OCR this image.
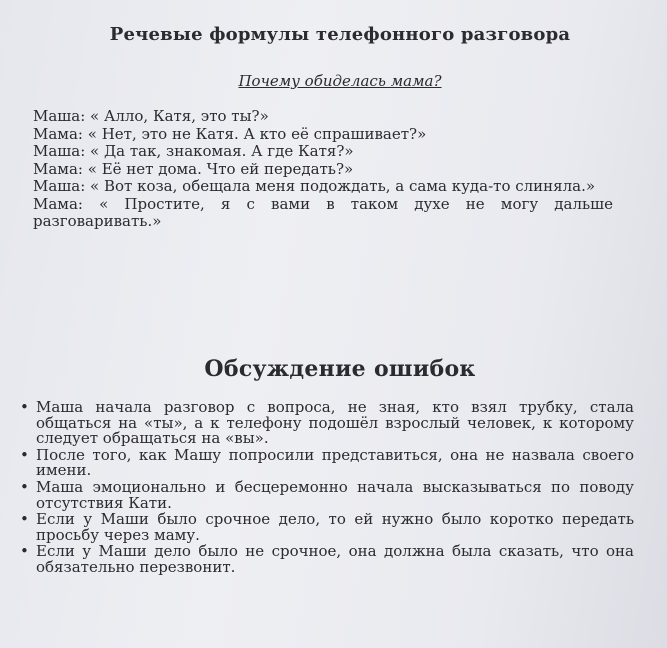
Речевые формулы телефонного разговора
Почему обиделась мама?
Маша: « Алло, Катя, это ты?»
Мама: « Нет, это не Катя. А кто её спрашивает?»
Маша: « Да так, знакомая. А где Катя?»
Мама: « Её нет дома. Что ей передать?»
Маша: « Вот коза, обещала меня подождать, а сама куда-то слиняла.»
Мама: « Простите, я с вами в таком духе не могу дальше разговаривать.»
Обсуждение ошибок
• Маша начала разговор с вопроса, не зная, кто взял трубку, стала общаться на «ты», а к телефону подошёл взрослый человек, к которому следует обращаться на «вы».
• После того, как Машу попросили представиться, она не назвала своего имени.
• Маша эмоционально и бесцеремонно начала высказываться по поводу отсутствия Кати.
• Если у Маши было срочное дело, то ей нужно было коротко передать просьбу через маму.
• Если у Маши дело было не срочное, она должна была сказать, что она обязательно перезвонит.
